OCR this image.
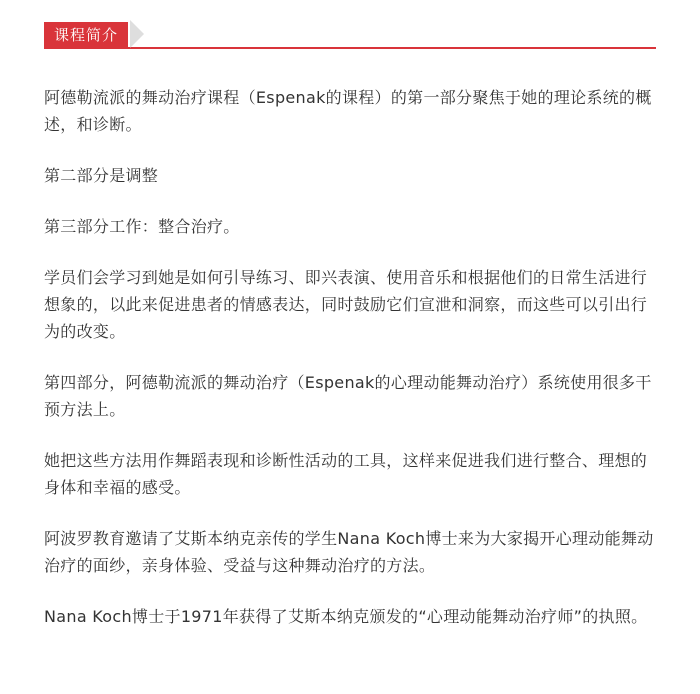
课程简介

阿德勒流派的舞动治疗课程（Espenak的课程）的第一部分聚焦于她的理论系统的概述，和诊断。

第二部分是调整

第三部分工作：整合治疗。

学员们会学习到她是如何引导练习、即兴表演、使用音乐和根据他们的日常生活进行想象的，以此来促进患者的情感表达，同时鼓励它们宣泄和洞察，而这些可以引出行为的改变。

第四部分，阿德勒流派的舞动治疗（Espenak的心理动能舞动治疗）系统使用很多干预方法上。

她把这些方法用作舞蹈表现和诊断性活动的工具，这样来促进我们进行整合、理想的身体和幸福的感受。

阿波罗教育邀请了艾斯本纳克亲传的学生Nana Koch博士来为大家揭开心理动能舞动治疗的面纱，亲身体验、受益与这种舞动治疗的方法。

Nana Koch博士于1971年获得了艾斯本纳克颁发的“心理动能舞动治疗师”的执照。
